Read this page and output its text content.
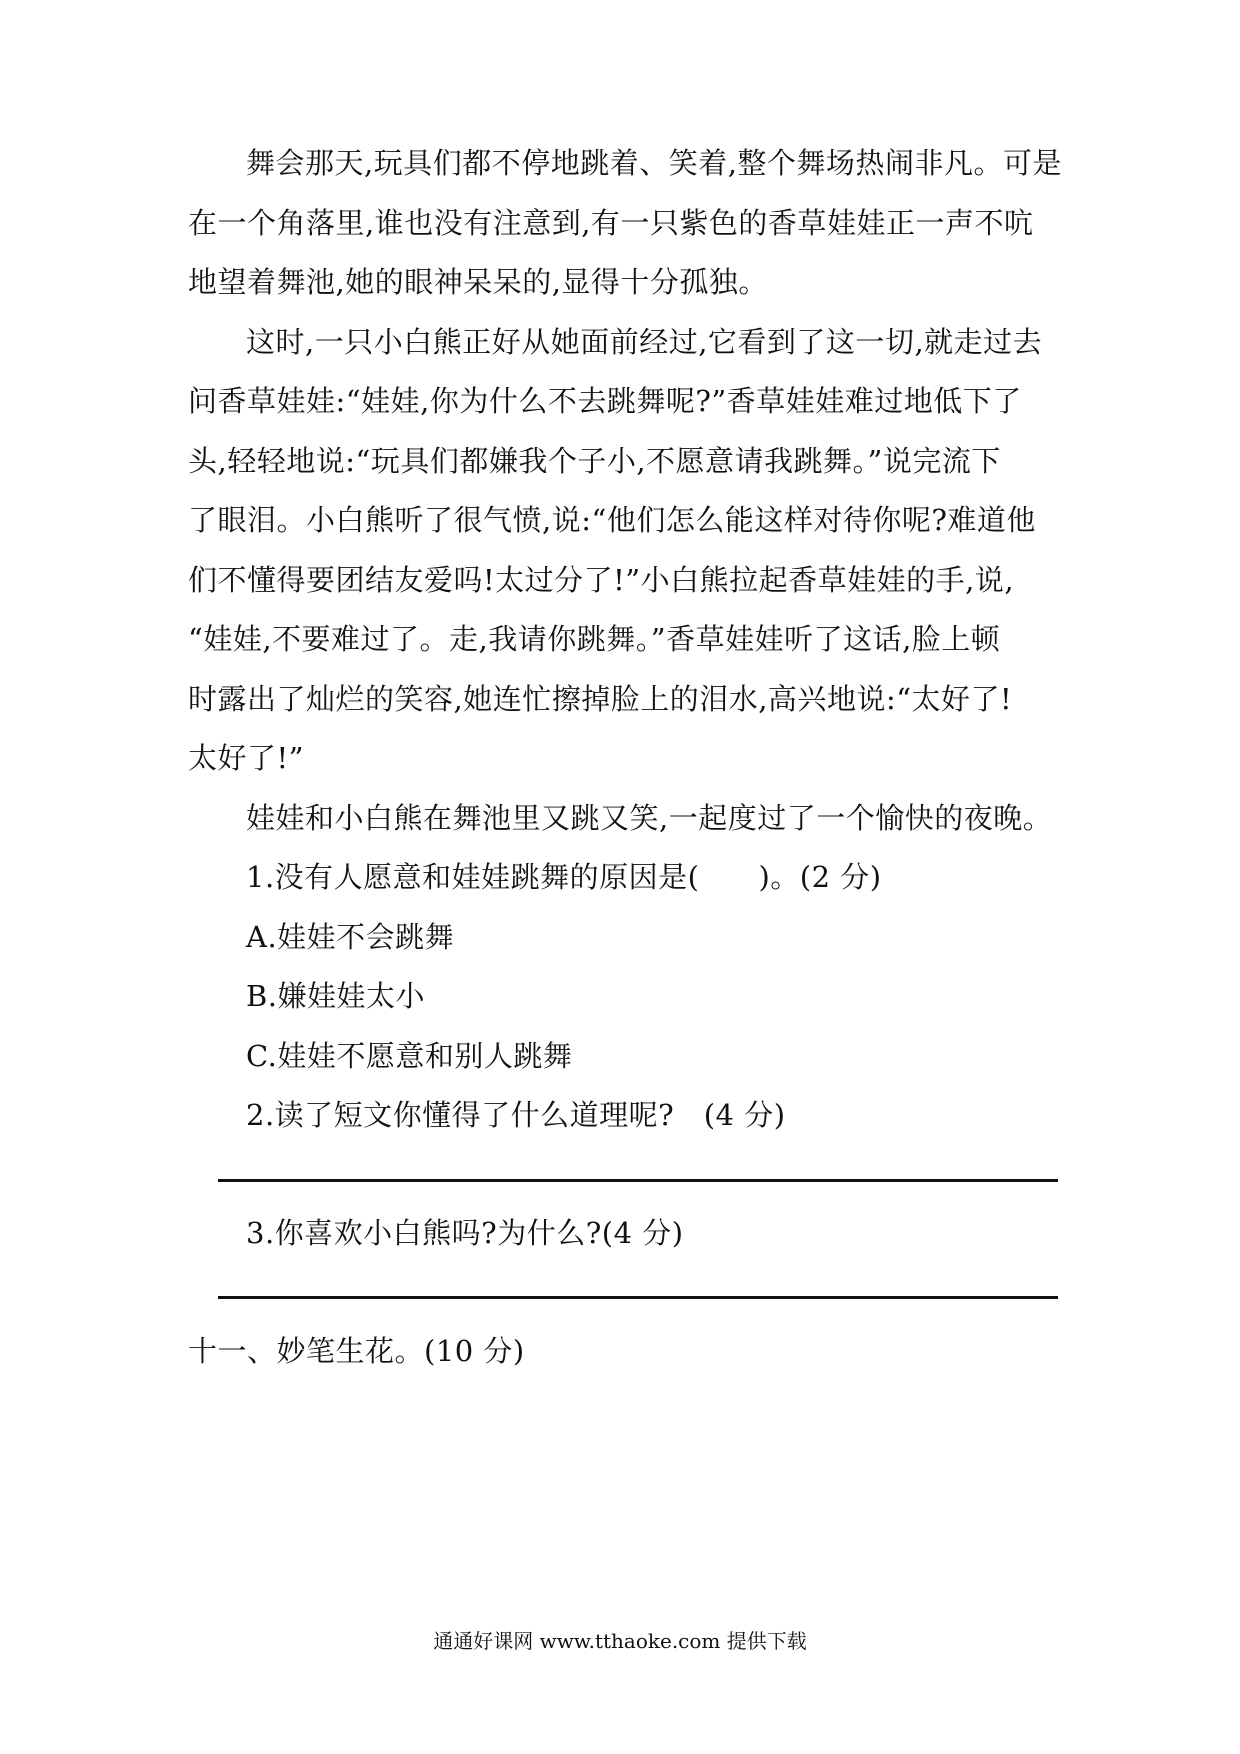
舞会那天,玩具们都不停地跳着、笑着,整个舞场热闹非凡。可是
在一个角落里,谁也没有注意到,有一只紫色的香草娃娃正一声不吭
地望着舞池,她的眼神呆呆的,显得十分孤独。
这时,一只小白熊正好从她面前经过,它看到了这一切,就走过去
问香草娃娃:“娃娃,你为什么不去跳舞呢?”香草娃娃难过地低下了
头,轻轻地说:“玩具们都嫌我个子小,不愿意请我跳舞。”说完流下
了眼泪。小白熊听了很气愤,说:“他们怎么能这样对待你呢?难道他
们不懂得要团结友爱吗!太过分了!”小白熊拉起香草娃娃的手,说,
“娃娃,不要难过了。走,我请你跳舞。”香草娃娃听了这话,脸上顿
时露出了灿烂的笑容,她连忙擦掉脸上的泪水,高兴地说:“太好了!
太好了!”
娃娃和小白熊在舞池里又跳又笑,一起度过了一个愉快的夜晚。
1.没有人愿意和娃娃跳舞的原因是(　　)。(2 分)
A.娃娃不会跳舞
B.嫌娃娃太小
C.娃娃不愿意和别人跳舞
2.读了短文你懂得了什么道理呢?　(4 分)
3.你喜欢小白熊吗?为什么?(4 分)
十一、妙笔生花。(10 分)
通通好课网 www.tthaoke.com 提供下载
